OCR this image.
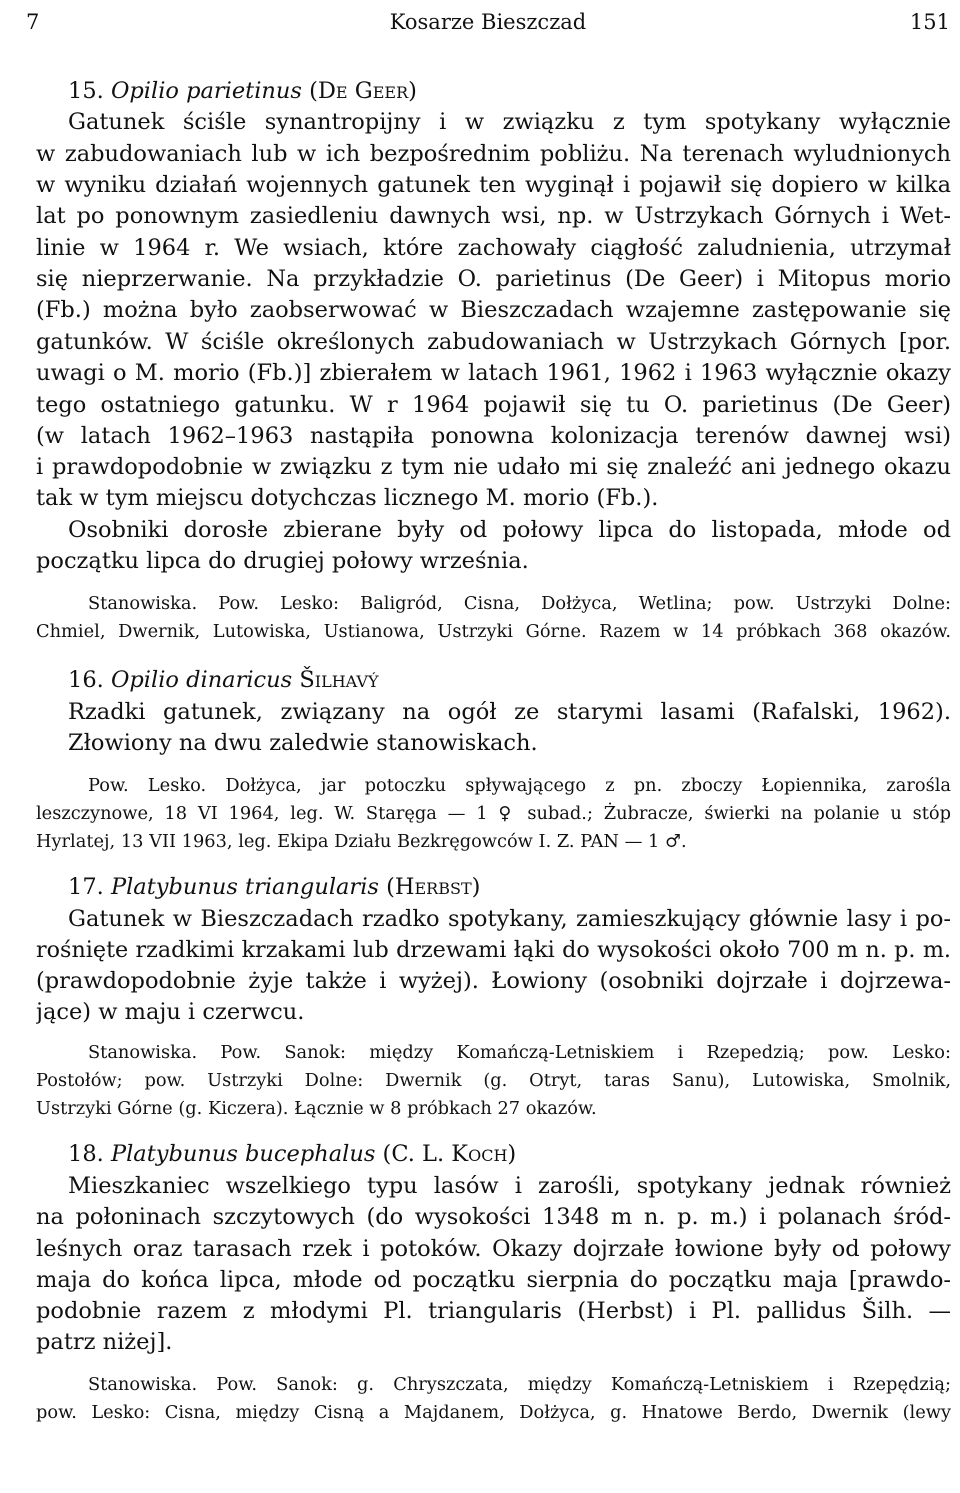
7	Kosarze Bieszczad	151
15. Opilio parietinus (De Geer)
Gatunek ściśle synantropijny i w związku z tym spotykany wyłącznie
w zabudowaniach lub w ich bezpośrednim pobliżu. Na terenach wyludnionych
w wyniku działań wojennych gatunek ten wyginął i pojawił się dopiero w kilka
lat po ponownym zasiedleniu dawnych wsi, np. w Ustrzykach Górnych i Wet-
linie w 1964 r. We wsiach, które zachowały ciągłość zaludnienia, utrzymał
się nieprzerwanie. Na przykładzie O. parietinus (De Geer) i Mitopus morio
(Fb.) można było zaobserwować w Bieszczadach wzajemne zastępowanie się
gatunków. W ściśle określonych zabudowaniach w Ustrzykach Górnych [por.
uwagi o M. morio (Fb.)] zbierałem w latach 1961, 1962 i 1963 wyłącznie okazy
tego ostatniego gatunku. W r 1964 pojawił się tu O. parietinus (De Geer)
(w latach 1962–1963 nastąpiła ponowna kolonizacja terenów dawnej wsi)
i prawdopodobnie w związku z tym nie udało mi się znaleźć ani jednego okazu
tak w tym miejscu dotychczas licznego M. morio (Fb.).
Osobniki dorosłe zbierane były od połowy lipca do listopada, młode od
początku lipca do drugiej połowy września.
Stanowiska. Pow. Lesko: Baligród, Cisna, Dołżyca, Wetlina; pow. Ustrzyki Dolne:
Chmiel, Dwernik, Lutowiska, Ustianowa, Ustrzyki Górne. Razem w 14 próbkach 368 okazów.
16. Opilio dinaricus Šilhavý
Rzadki gatunek, związany na ogół ze starymi lasami (Rafalski, 1962).
Złowiony na dwu zaledwie stanowiskach.
Pow. Lesko. Dołżyca, jar potoczku spływającego z pn. zboczy Łopiennika, zarośla
leszczynowe, 18 VI 1964, leg. W. Staręga — 1 ♀ subad.; Żubracze, świerki na polanie u stóp
Hyrlatej, 13 VII 1963, leg. Ekipa Działu Bezkręgowców I. Z. PAN — 1 ♂.
17. Platybunus triangularis (Herbst)
Gatunek w Bieszczadach rzadko spotykany, zamieszkujący głównie lasy i po-
rośnięte rzadkimi krzakami lub drzewami łąki do wysokości około 700 m n. p. m.
(prawdopodobnie żyje także i wyżej). Łowiony (osobniki dojrzałe i dojrzewa-
jące) w maju i czerwcu.
Stanowiska. Pow. Sanok: między Komańczą-Letniskiem i Rzepedzią; pow. Lesko:
Postołów; pow. Ustrzyki Dolne: Dwernik (g. Otryt, taras Sanu), Lutowiska, Smolnik,
Ustrzyki Górne (g. Kiczera). Łącznie w 8 próbkach 27 okazów.
18. Platybunus bucephalus (C. L. Koch)
Mieszkaniec wszelkiego typu lasów i zarośli, spotykany jednak również
na połoninach szczytowych (do wysokości 1348 m n. p. m.) i polanach śród-
leśnych oraz tarasach rzek i potoków. Okazy dojrzałe łowione były od połowy
maja do końca lipca, młode od początku sierpnia do początku maja [prawdo-
podobnie razem z młodymi Pl. triangularis (Herbst) i Pl. pallidus Šilh. —
patrz niżej].
Stanowiska. Pow. Sanok: g. Chryszczata, między Komańczą-Letniskiem i Rzepędzią;
pow. Lesko: Cisna, między Cisną a Majdanem, Dołżyca, g. Hnatowe Berdo, Dwernik (lewy
